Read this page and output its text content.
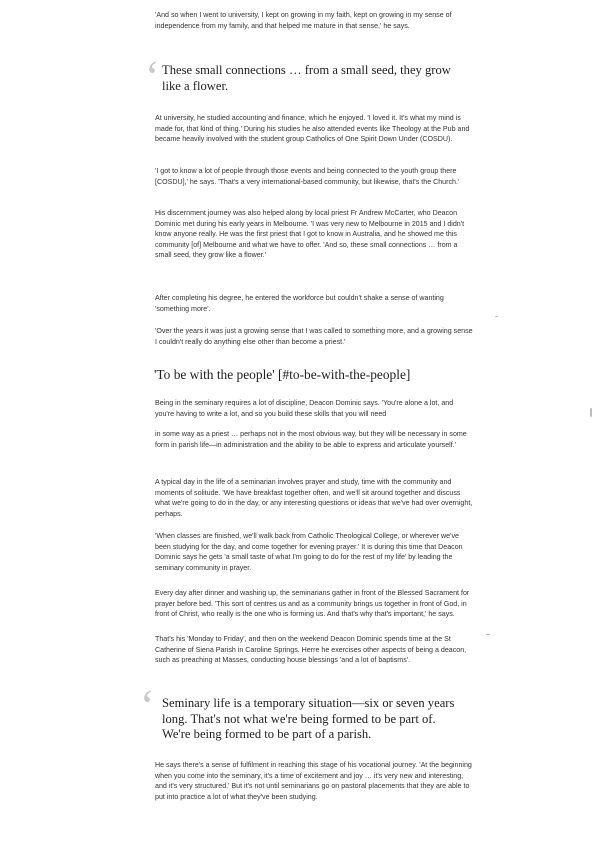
'And so when I went to university, I kept on growing in my faith, kept on growing in my sense of independence from my family, and that helped me mature in that sense,' he says.

‘ These small connections … from a small seed, they grow like a flower.

At university, he studied accounting and finance, which he enjoyed. 'I loved it. It's what my mind is made for, that kind of thing.' During his studies he also attended events like Theology at the Pub and became heavily involved with the student group Catholics of One Spirit Down Under (COSDU).

'I got to know a lot of people through those events and being connected to the youth group there [COSDU],' he says. 'That's a very international-based community, but likewise, that's the Church.'

His discernment journey was also helped along by local priest Fr Andrew McCarter, who Deacon Dominic met during his early years in Melbourne. 'I was very new to Melbourne in 2015 and I didn't know anyone really. He was the first priest that I got to know in Australia, and he showed me this community [of] Melbourne and what we have to offer. 'And so, these small connections … from a small seed, they grow like a flower.'

After completing his degree, he entered the workforce but couldn't shake a sense of wanting 'something more'.

'Over the years it was just a growing sense that I was called to something more, and a growing sense I couldn't really do anything else other than become a priest.'

'To be with the people' [#to-be-with-the-people]

Being in the seminary requires a lot of discipline, Deacon Dominic says. 'You're alone a lot, and you're having to write a lot, and so you build these skills that you will need

in some way as a priest … perhaps not in the most obvious way, but they will be necessary in some form in parish life—in administration and the ability to be able to express and articulate yourself.'

A typical day in the life of a seminarian involves prayer and study, time with the community and moments of solitude. 'We have breakfast together often, and we'll sit around together and discuss what we're going to do in the day, or any interesting questions or ideas that we've had over overnight, perhaps.

'When classes are finished, we'll walk back from Catholic Theological College, or wherever we've been studying for the day, and come together for evening prayer.' It is during this time that Deacon Dominic says he gets 'a small taste of what I'm going to do for the rest of my life' by leading the seminary community in prayer.

Every day after dinner and washing up, the seminarians gather in front of the Blessed Sacrament for prayer before bed. 'This sort of centres us and as a community brings us together in front of God, in front of Christ, who really is the one who is forming us. And that's why that's important,' he says.

That's his 'Monday to Friday', and then on the weekend Deacon Dominic spends time at the St Catherine of Siena Parish in Caroline Springs. Herre he exercises other aspects of being a deacon, such as preaching at Masses, conducting house blessings 'and a lot of baptisms'.

‘ Seminary life is a temporary situation—six or seven years long. That's not what we're being formed to be part of. We're being formed to be part of a parish.

He says there's a sense of fulfilment in reaching this stage of his vocational journey. 'At the beginning when you come into the seminary, it's a time of excitement and joy … it's very new and interesting, and it's very structured.' But it's not until seminarians go on pastoral placements that they are able to put into practice a lot of what they've been studying.
